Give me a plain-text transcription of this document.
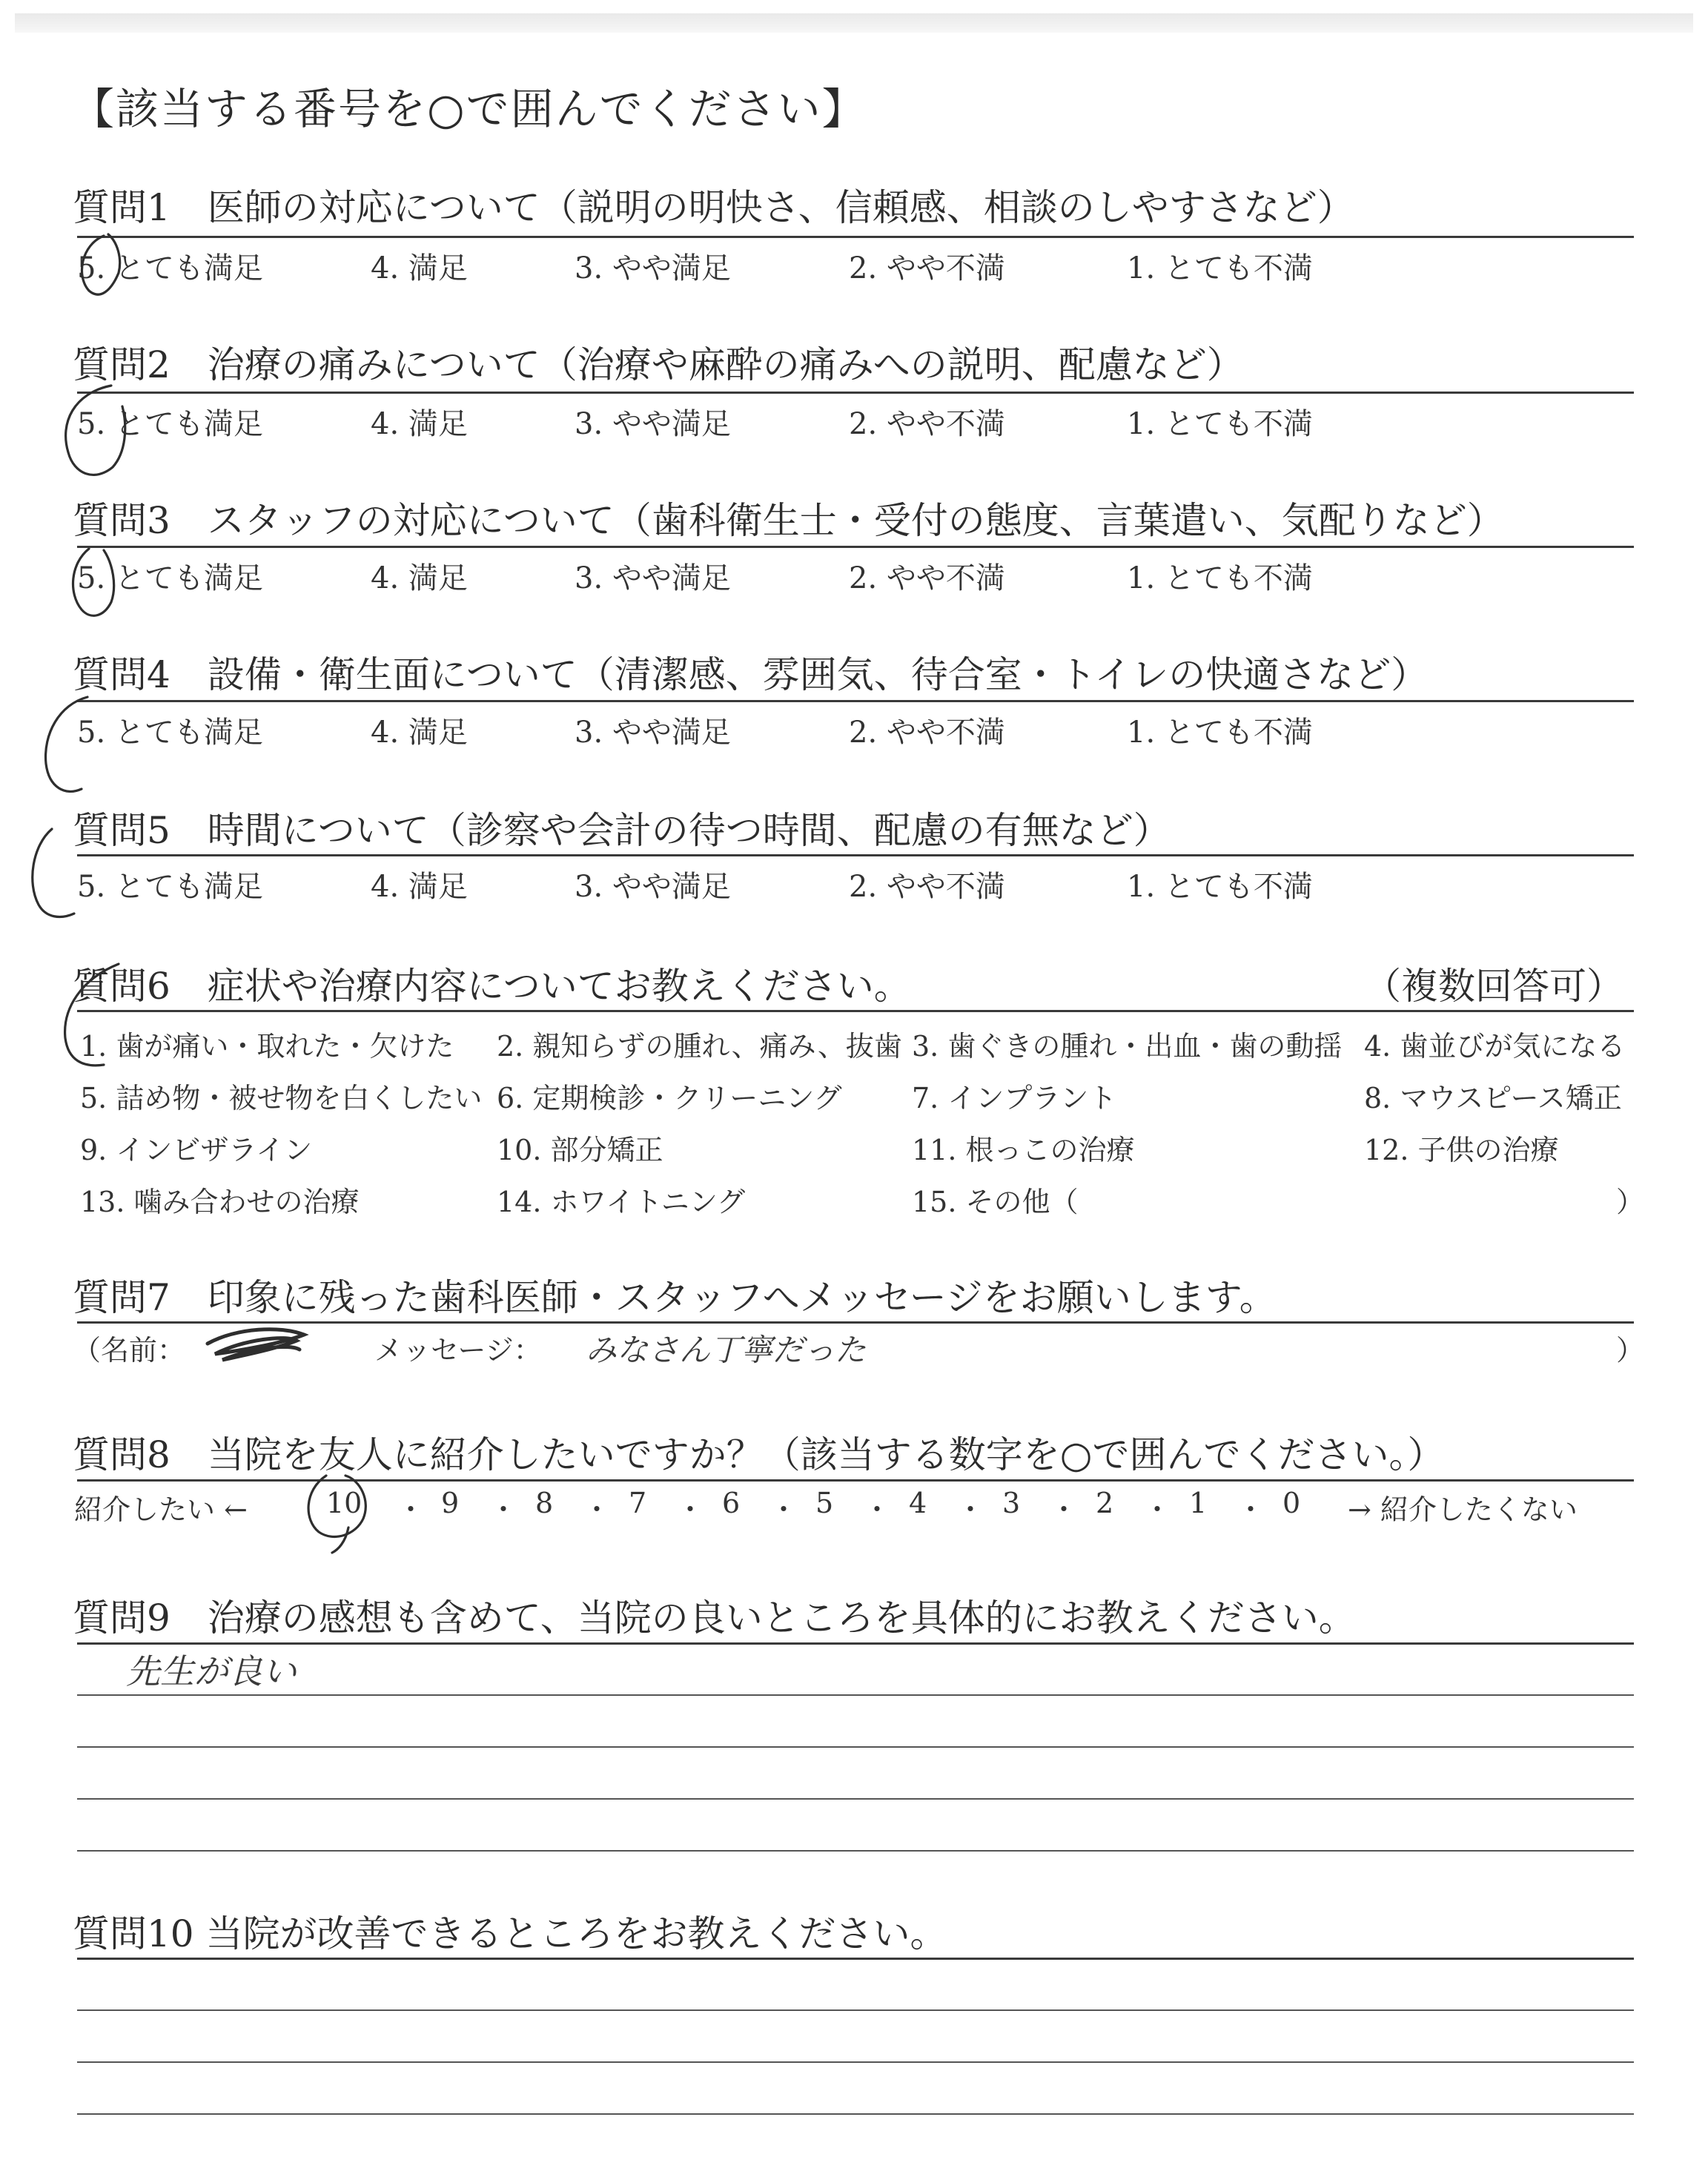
【該当する番号を○で囲んでください】
質問1　医師の対応について（説明の明快さ、信頼感、相談のしやすさなど）
5. とても満足	4. 満足	3. やや満足	2. やや不満	1. とても不満
質問2　治療の痛みについて（治療や麻酔の痛みへの説明、配慮など）
5. とても満足	4. 満足	3. やや満足	2. やや不満	1. とても不満
質問3　スタッフの対応について（歯科衛生士・受付の態度、言葉遣い、気配りなど）
5. とても満足	4. 満足	3. やや満足	2. やや不満	1. とても不満
質問4　設備・衛生面について（清潔感、雰囲気、待合室・トイレの快適さなど）
5. とても満足	4. 満足	3. やや満足	2. やや不満	1. とても不満
質問5　時間について（診察や会計の待つ時間、配慮の有無など）
5. とても満足	4. 満足	3. やや満足	2. やや不満	1. とても不満
質問6　症状や治療内容についてお教えください。	（複数回答可）
1. 歯が痛い・取れた・欠けた 2. 親知らずの腫れ、痛み、抜歯 3. 歯ぐきの腫れ・出血・歯の動揺 4. 歯並びが気になる
5. 詰め物・被せ物を白くしたい 6. 定期検診・クリーニング 7. インプラント	8. マウスピース矯正
9. インビザライン	10. 部分矯正	11. 根っこの治療	12. 子供の治療
13. 噛み合わせの治療	14. ホワイトニング	15. その他（	）
質問7　印象に残った歯科医師・スタッフへメッセージをお願いします。
（名前：	メッセージ： みなさん丁寧だった	）
質問8　当院を友人に紹介したいですか？（該当する数字を○で囲んでください。）
紹介したい ←	10 ・ 9 ・ 8 ・ 7 ・ 6 ・ 5 ・ 4 ・ 3 ・ 2 ・ 1 ・ 0 → 紹介したくない
質問9　治療の感想も含めて、当院の良いところを具体的にお教えください。
先生が良い
質問10 当院が改善できるところをお教えください。
